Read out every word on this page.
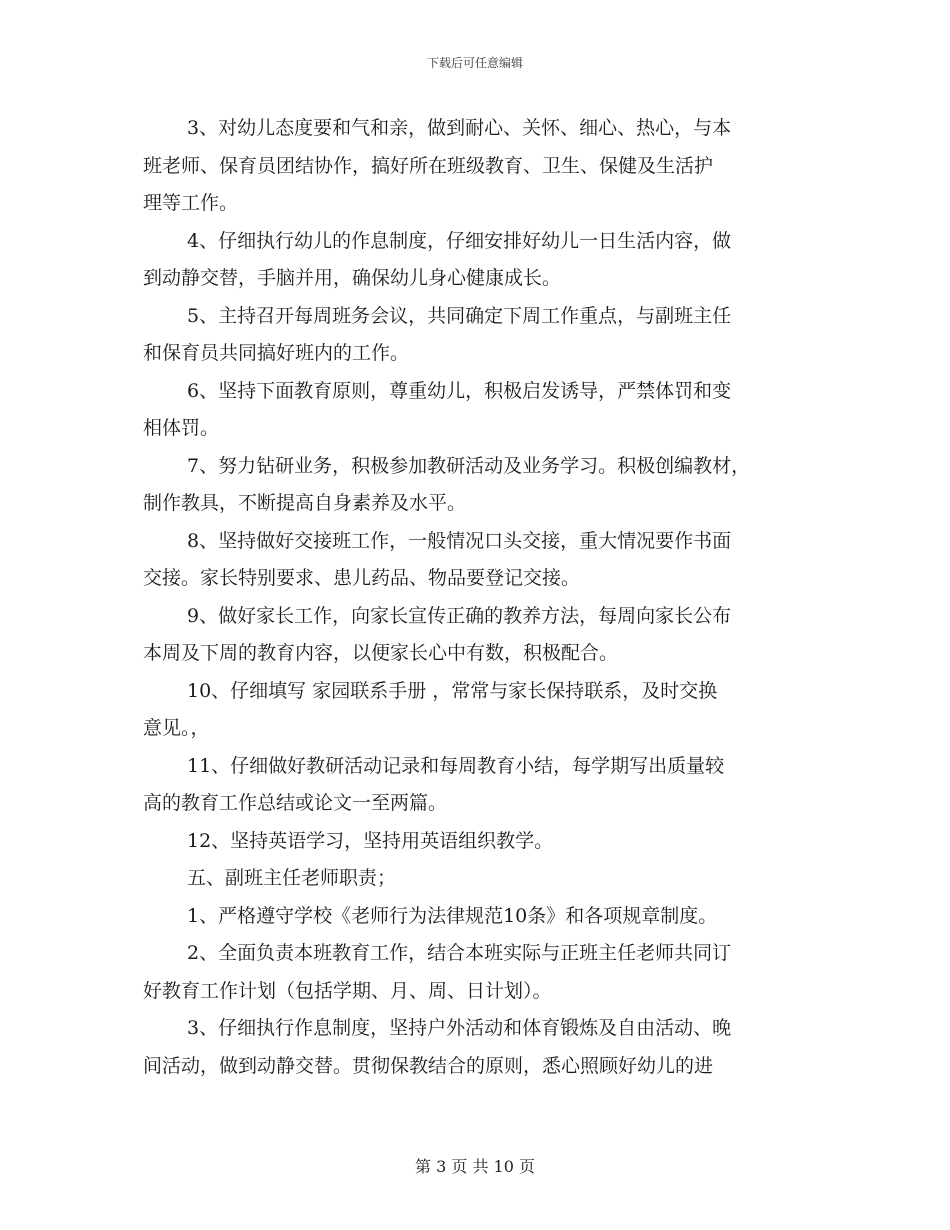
下载后可任意编辑

3、对幼儿态度要和气和亲，做到耐心、关怀、细心、热心，与本
班老师、保育员团结协作，搞好所在班级教育、卫生、保健及生活护
理等工作。

4、仔细执行幼儿的作息制度，仔细安排好幼儿一日生活内容，做
到动静交替，手脑并用，确保幼儿身心健康成长。

5、主持召开每周班务会议，共同确定下周工作重点，与副班主任
和保育员共同搞好班内的工作。

6、坚持下面教育原则，尊重幼儿，积极启发诱导，严禁体罚和变
相体罚。

7、努力钻研业务，积极参加教研活动及业务学习。积极创编教材，
制作教具，不断提高自身素养及水平。

8、坚持做好交接班工作，一般情况口头交接，重大情况要作书面
交接。家长特别要求、患儿药品、物品要登记交接。

9、做好家长工作，向家长宣传正确的教养方法，每周向家长公布
本周及下周的教育内容，以便家长心中有数，积极配合。

10、仔细填写 家园联系手册 ，常常与家长保持联系，及时交换
意见。，

11、仔细做好教研活动记录和每周教育小结，每学期写出质量较
高的教育工作总结或论文一至两篇。

12、坚持英语学习，坚持用英语组织教学。

五、副班主任老师职责；

1、严格遵守学校《老师行为法律规范10条》和各项规章制度。

2、全面负责本班教育工作，结合本班实际与正班主任老师共同订
好教育工作计划（包括学期、月、周、日计划）。

3、仔细执行作息制度，坚持户外活动和体育锻炼及自由活动、晚
间活动，做到动静交替。贯彻保教结合的原则，悉心照顾好幼儿的进

第 3 页 共 10 页
